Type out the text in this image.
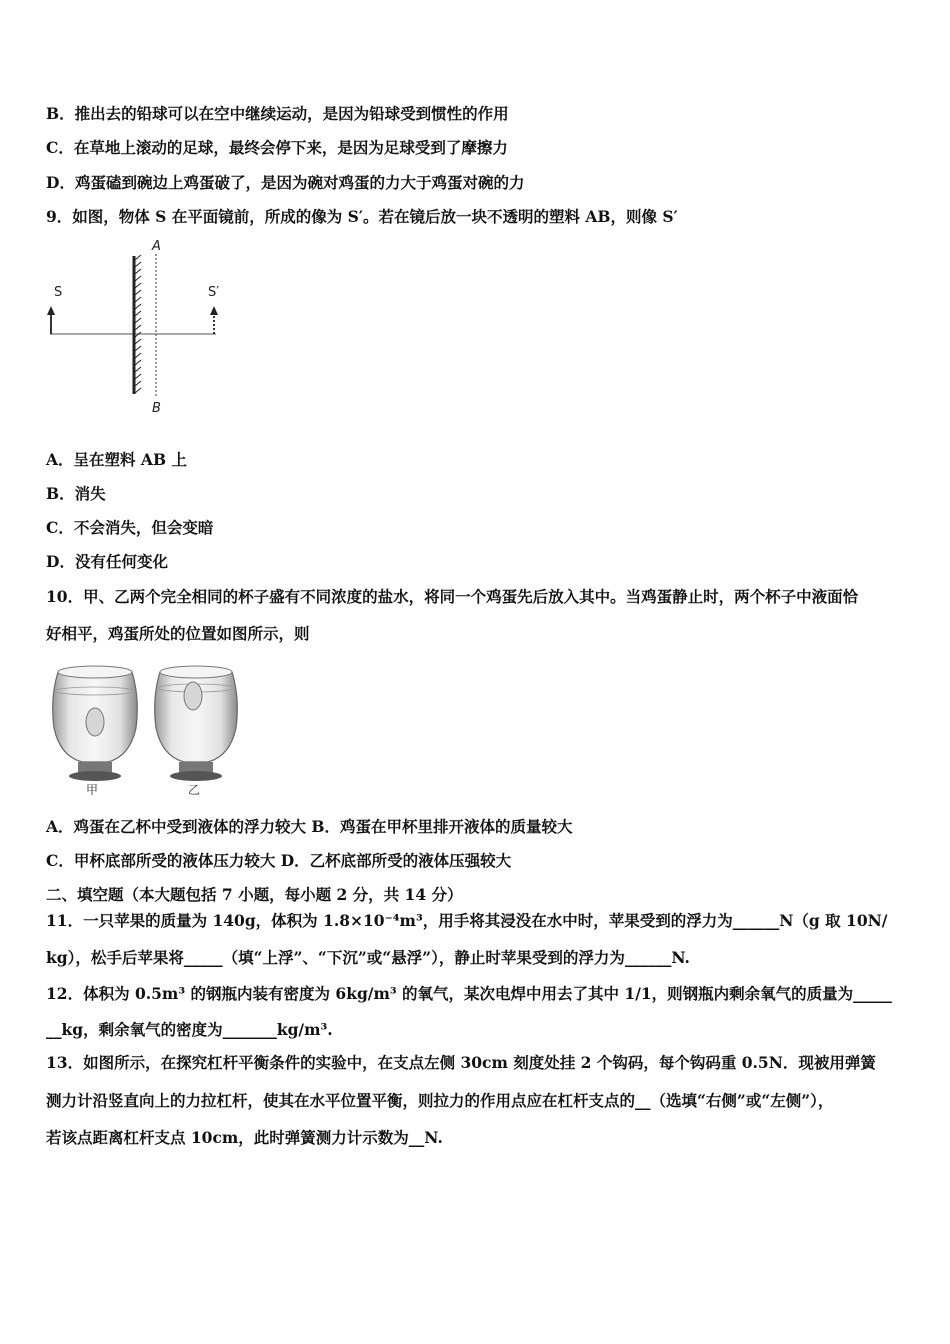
B．推出去的铅球可以在空中继续运动，是因为铅球受到惯性的作用
C．在草地上滚动的足球，最终会停下来，是因为足球受到了摩擦力
D．鸡蛋磕到碗边上鸡蛋破了，是因为碗对鸡蛋的力大于鸡蛋对碗的力
9．如图，物体 S 在平面镜前，所成的像为 S′。若在镜后放一块不透明的塑料 AB，则像 S′
S	S′
A
B
A．呈在塑料 AB 上
B．消失
C．不会消失，但会变暗
D．没有任何变化
10．甲、乙两个完全相同的杯子盛有不同浓度的盐水，将同一个鸡蛋先后放入其中。当鸡蛋静止时，两个杯子中液面恰
好相平，鸡蛋所处的位置如图所示，则
甲	乙
A．鸡蛋在乙杯中受到液体的浮力较大 B．鸡蛋在甲杯里排开液体的质量较大
C．甲杯底部所受的液体压力较大 D．乙杯底部所受的液体压强较大
二、填空题（本大题包括 7 小题，每小题 2 分，共 14 分）
11．一只苹果的质量为 140g，体积为 1.8×10⁻⁴m³，用手将其浸没在水中时，苹果受到的浮力为______N（g 取 10N/
kg），松手后苹果将_____（填“上浮”、“下沉”或“悬浮”），静止时苹果受到的浮力为______N.
12．体积为 0.5m³ 的钢瓶内装有密度为 6kg/m³ 的氧气，某次电焊中用去了其中 1/1，则钢瓶内剩余氧气的质量为_____
__kg，剩余氧气的密度为_______kg/m³.
13．如图所示，在探究杠杆平衡条件的实验中，在支点左侧 30cm 刻度处挂 2 个钩码，每个钩码重 0.5N．现被用弹簧
测力计沿竖直向上的力拉杠杆，使其在水平位置平衡，则拉力的作用点应在杠杆支点的__（选填“右侧”或“左侧”），
若该点距离杠杆支点 10cm，此时弹簧测力计示数为__N.
